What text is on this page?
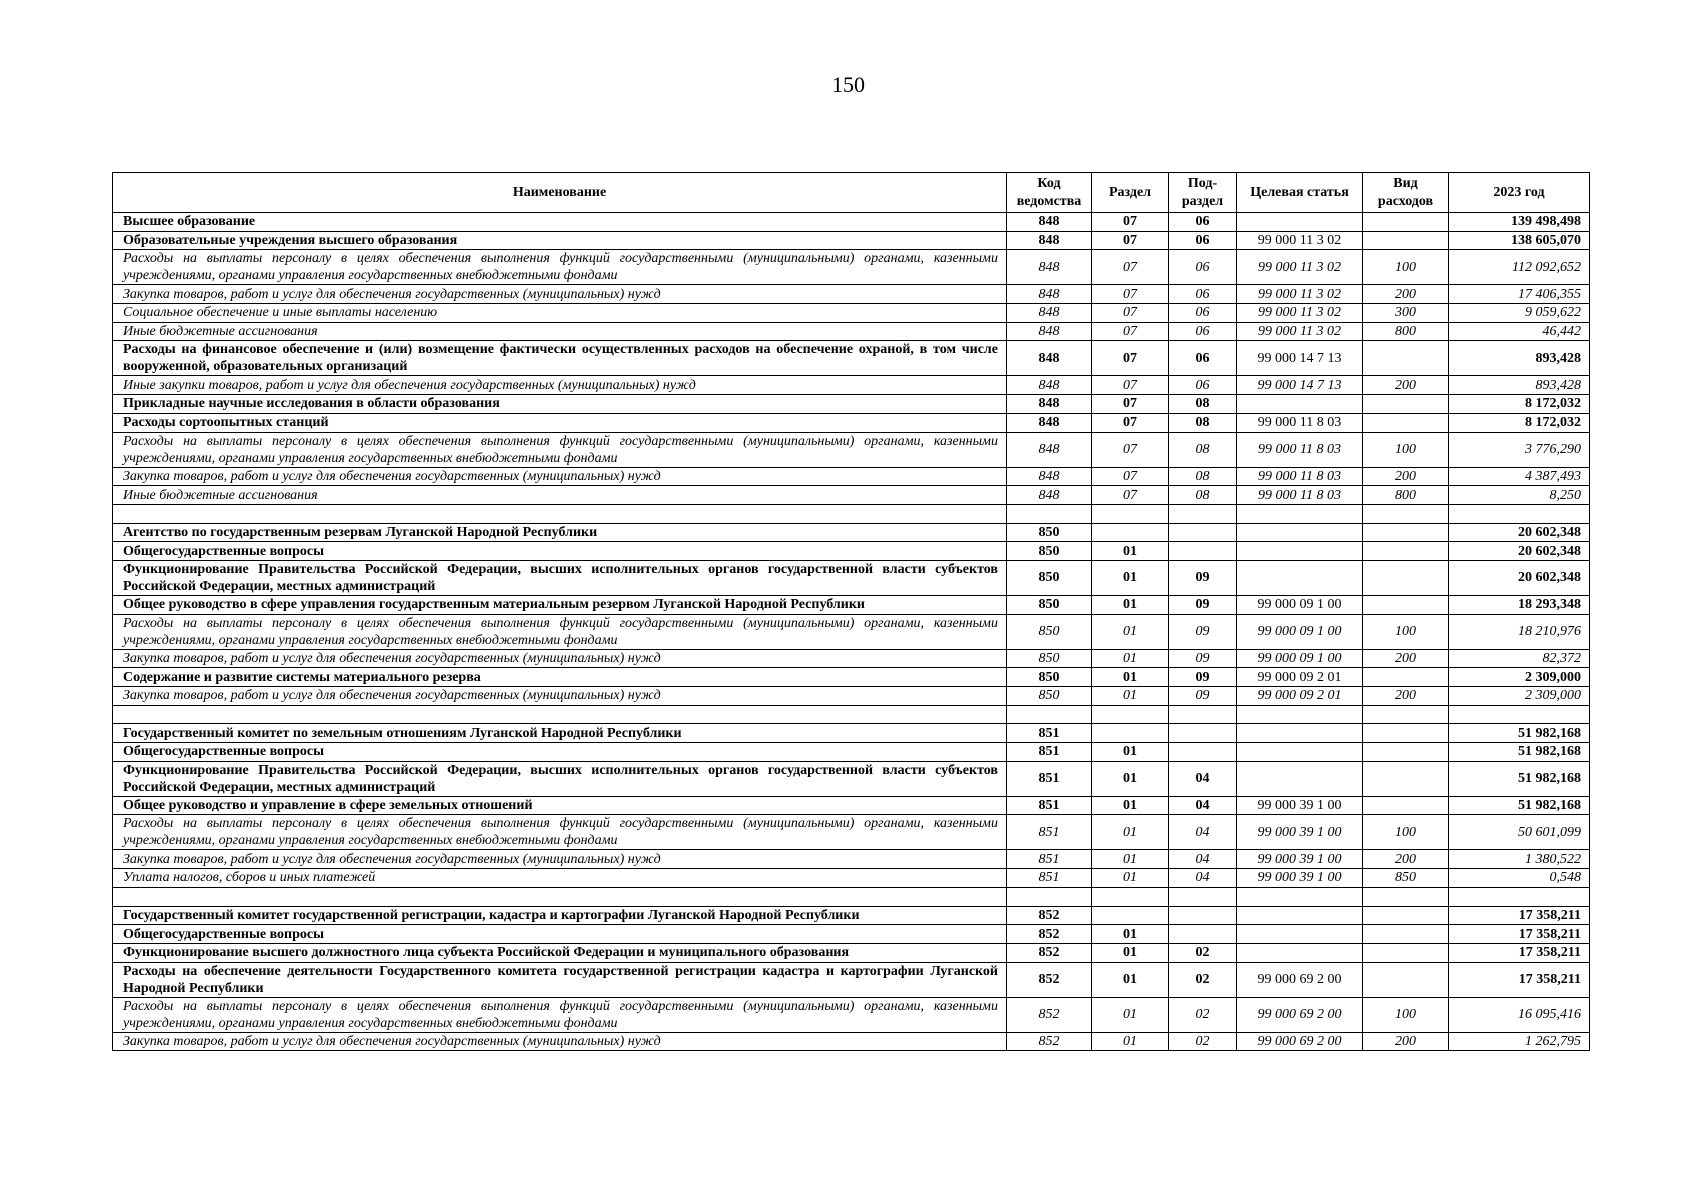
150
Наименование	Код ведомства	Раздел	Под-раздел	Целевая статья	Вид расходов	2023 год
Высшее образование	848	07	06			139 498,498
Образовательные учреждения высшего образования	848	07	06	99 000 11 3 02		138 605,070
Расходы на выплаты персоналу в целях обеспечения выполнения функций государственными (муниципальными) органами, казенными учреждениями, органами управления государственных внебюджетными фондами	848	07	06	99 000 11 3 02	100	112 092,652
Закупка товаров, работ и услуг для обеспечения государственных (муниципальных) нужд	848	07	06	99 000 11 3 02	200	17 406,355
Социальное обеспечение и иные выплаты населению	848	07	06	99 000 11 3 02	300	9 059,622
Иные бюджетные ассигнования	848	07	06	99 000 11 3 02	800	46,442
Расходы на финансовое обеспечение и (или) возмещение фактически осуществленных расходов на обеспечение охраной, в том числе вооруженной, образовательных организаций	848	07	06	99 000 14 7 13		893,428
Иные закупки товаров, работ и услуг для обеспечения государственных (муниципальных) нужд	848	07	06	99 000 14 7 13	200	893,428
Прикладные научные исследования в области образования	848	07	08			8 172,032
Расходы сортоопытных станций	848	07	08	99 000 11 8 03		8 172,032
Расходы на выплаты персоналу в целях обеспечения выполнения функций государственными (муниципальными) органами, казенными учреждениями, органами управления государственных внебюджетными фондами	848	07	08	99 000 11 8 03	100	3 776,290
Закупка товаров, работ и услуг для обеспечения государственных (муниципальных) нужд	848	07	08	99 000 11 8 03	200	4 387,493
Иные бюджетные ассигнования	848	07	08	99 000 11 8 03	800	8,250

Агентство по государственным резервам Луганской Народной Республики	850					20 602,348
Общегосударственные вопросы	850	01				20 602,348
Функционирование Правительства Российской Федерации, высших исполнительных органов государственной власти субъектов Российской Федерации, местных администраций	850	01	09			20 602,348
Общее руководство в сфере управления государственным материальным резервом Луганской Народной Республики	850	01	09	99 000 09 1 00		18 293,348
Расходы на выплаты персоналу в целях обеспечения выполнения функций государственными (муниципальными) органами, казенными учреждениями, органами управления государственных внебюджетными фондами	850	01	09	99 000 09 1 00	100	18 210,976
Закупка товаров, работ и услуг для обеспечения государственных (муниципальных) нужд	850	01	09	99 000 09 1 00	200	82,372
Содержание и развитие системы материального резерва	850	01	09	99 000 09 2 01		2 309,000
Закупка товаров, работ и услуг для обеспечения государственных (муниципальных) нужд	850	01	09	99 000 09 2 01	200	2 309,000

Государственный комитет по земельным отношениям Луганской Народной Республики	851					51 982,168
Общегосударственные вопросы	851	01				51 982,168
Функционирование Правительства Российской Федерации, высших исполнительных органов государственной власти субъектов Российской Федерации, местных администраций	851	01	04			51 982,168
Общее руководство и управление в сфере земельных отношений	851	01	04	99 000 39 1 00		51 982,168
Расходы на выплаты персоналу в целях обеспечения выполнения функций государственными (муниципальными) органами, казенными учреждениями, органами управления государственных внебюджетными фондами	851	01	04	99 000 39 1 00	100	50 601,099
Закупка товаров, работ и услуг для обеспечения государственных (муниципальных) нужд	851	01	04	99 000 39 1 00	200	1 380,522
Уплата налогов, сборов и иных платежей	851	01	04	99 000 39 1 00	850	0,548

Государственный комитет государственной регистрации, кадастра и картографии Луганской Народной Республики	852					17 358,211
Общегосударственные вопросы	852	01				17 358,211
Функционирование высшего должностного лица субъекта Российской Федерации и муниципального образования	852	01	02			17 358,211
Расходы на обеспечение деятельности Государственного комитета государственной регистрации кадастра и картографии Луганской Народной Республики	852	01	02	99 000 69 2 00		17 358,211
Расходы на выплаты персоналу в целях обеспечения выполнения функций государственными (муниципальными) органами, казенными учреждениями, органами управления государственных внебюджетными фондами	852	01	02	99 000 69 2 00	100	16 095,416
Закупка товаров, работ и услуг для обеспечения государственных (муниципальных) нужд	852	01	02	99 000 69 2 00	200	1 262,795
